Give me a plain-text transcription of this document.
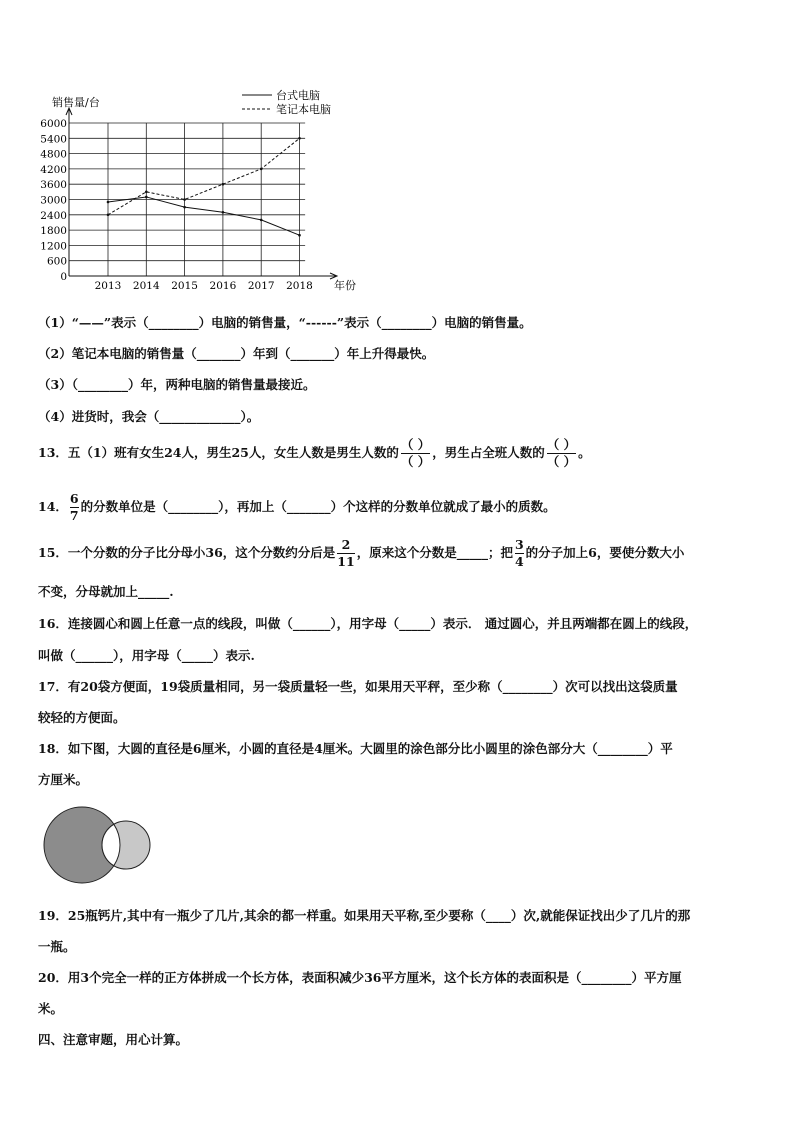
6000
5400
4800
4200
3600
3000
2400
1800
1200
600
0
2013 2014 2015 2016 2017 2018
台式电脑
笔记本电脑
销售量/台
年份
（1）“——”表示（________）电脑的销售量，“------”表示（________）电脑的销售量。
（2）笔记本电脑的销售量（_______）年到（_______）年上升得最快。
（3）（________）年，两种电脑的销售量最接近。
（4）进货时，我会（_____________）。
13．五（1）班有女生24人，男生25人，女生人数是男生人数的 $\frac{( )}{( )}$ ，男生占全班人数的 $\frac{( )}{( )}$ 。
14． $\frac{6}{7}$ 的分数单位是（________），再加上（_______）个这样的分数单位就成了最小的质数。
15．一个分数的分子比分母小36，这个分数约分后是 $\frac{2}{11}$ ，原来这个分数是_____；把 $\frac{3}{4}$ 的分子加上6，要使分数大小
不变，分母就加上_____.
16．连接圆心和圆上任意一点的线段，叫做（______），用字母（_____）表示． 通过圆心，并且两端都在圆上的线段，
叫做（______），用字母（_____）表示.
17．有20袋方便面，19袋质量相同，另一袋质量轻一些，如果用天平秤，至少称（________）次可以找出这袋质量
较轻的方便面。
18．如下图，大圆的直径是6厘米，小圆的直径是4厘米。大圆里的涂色部分比小圆里的涂色部分大（________）平
方厘米。
19．25瓶钙片,其中有一瓶少了几片,其余的都一样重。如果用天平称,至少要称（____）次,就能保证找出少了几片的那
一瓶。
20．用3个完全一样的正方体拼成一个长方体，表面积减少36平方厘米，这个长方体的表面积是（________）平方厘
米。
四、注意审题，用心计算。
